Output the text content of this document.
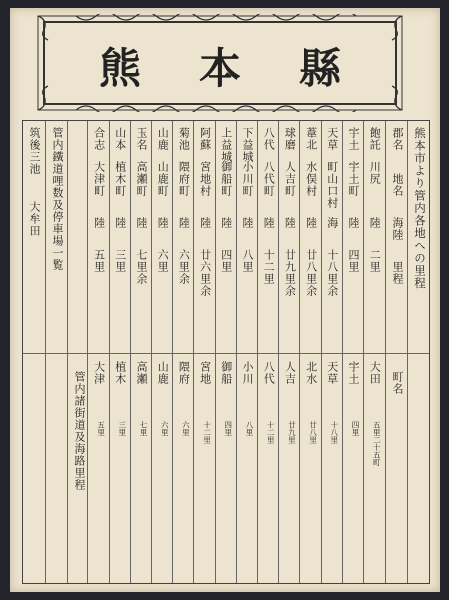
熊本縣
熊本市より管内各地への里程
郡名
地名
海陸
里程
町名
飽託
川尻
陸
二里
大田
五里二十五町
宇土
宇土町
陸
四里
宇土
四里
天草
町山口村
海
十八里余
天草
十八里
葦北
水俣村
陸
廿八里余
北水
廿八里
球磨
人吉町
陸
廿九里余
人吉
廿九里
八代
八代町
陸
十二里
八代
十二里
下益城
小川町
陸
八里
小川
八里
上益城
御船町
陸
四里
御船
四里
阿蘇
宮地村
陸
廿六里余
宮地
十二里
菊池
隈府町
陸
六里余
隈府
六里
山鹿
山鹿町
陸
六里
山鹿
六里
玉名
高瀬町
陸
七里余
高瀬
七里
山本
植木町
陸
三里
植木
三里
合志
大津町
陸
五里
大津
五里
管内諸街道及海路里程
管内鐵道哩数及停車場一覧
筑後三池
大牟田
